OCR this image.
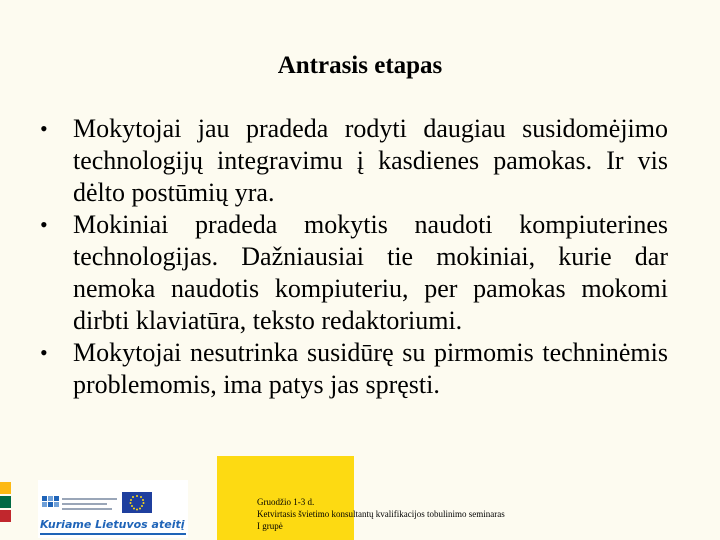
Antrasis etapas
• Mokytojai jau pradeda rodyti daugiau susidomėjimo technologijų integravimu į kasdienes pamokas. Ir vis dėlto postūmių yra.
• Mokiniai pradeda mokytis naudoti kompiuterines technologijas. Dažniausiai tie mokiniai, kurie dar nemoka naudotis kompiuteriu, per pamokas mokomi dirbti klaviatūra, teksto redaktoriumi.
• Mokytojai nesutrinka susidūrę su pirmomis techninėmis problemomis, ima patys jas spręsti.
Kuriame Lietuvos ateitį
Gruodžio 1-3 d.
Ketvirtasis švietimo konsultantų kvalifikacijos tobulinimo seminaras
I grupė
